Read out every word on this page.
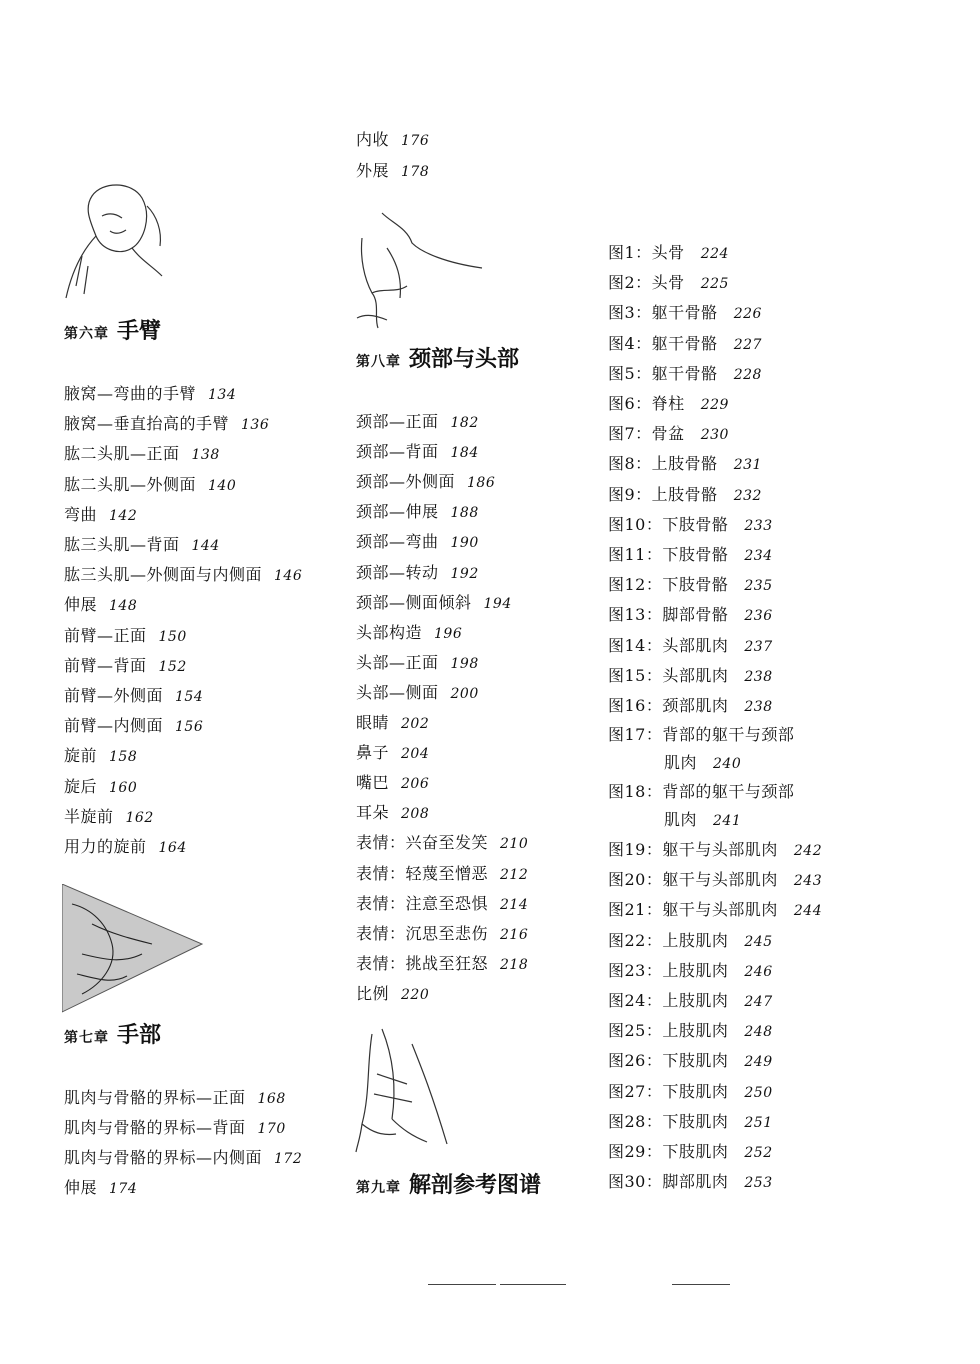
第六章 手臂
腋窝—弯曲的手臂 134
腋窝—垂直抬高的手臂 136
肱二头肌—正面 138
肱二头肌—外侧面 140
弯曲 142
肱三头肌—背面 144
肱三头肌—外侧面与内侧面 146
伸展 148
前臂—正面 150
前臂—背面 152
前臂—外侧面 154
前臂—内侧面 156
旋前 158
旋后 160
半旋前 162
用力的旋前 164
第七章 手部
肌肉与骨骼的界标—正面 168
肌肉与骨骼的界标—背面 170
肌肉与骨骼的界标—内侧面 172
伸展 174
内收 176
外展 178
第八章 颈部与头部
颈部—正面 182
颈部—背面 184
颈部—外侧面 186
颈部—伸展 188
颈部—弯曲 190
颈部—转动 192
颈部—侧面倾斜 194
头部构造 196
头部—正面 198
头部—侧面 200
眼睛 202
鼻子 204
嘴巴 206
耳朵 208
表情：兴奋至发笑 210
表情：轻蔑至憎恶 212
表情：注意至恐惧 214
表情：沉思至悲伤 216
表情：挑战至狂怒 218
比例 220
第九章 解剖参考图谱
图1：头骨 224
图2：头骨 225
图3：躯干骨骼 226
图4：躯干骨骼 227
图5：躯干骨骼 228
图6：脊柱 229
图7：骨盆 230
图8：上肢骨骼 231
图9：上肢骨骼 232
图10：下肢骨骼 233
图11：下肢骨骼 234
图12：下肢骨骼 235
图13：脚部骨骼 236
图14：头部肌肉 237
图15：头部肌肉 238
图16：颈部肌肉 238
图17：背部的躯干与颈部
肌肉 240
图18：背部的躯干与颈部
肌肉 241
图19：躯干与头部肌肉 242
图20：躯干与头部肌肉 243
图21：躯干与头部肌肉 244
图22：上肢肌肉 245
图23：上肢肌肉 246
图24：上肢肌肉 247
图25：上肢肌肉 248
图26：下肢肌肉 249
图27：下肢肌肉 250
图28：下肢肌肉 251
图29：下肢肌肉 252
图30：脚部肌肉 253
